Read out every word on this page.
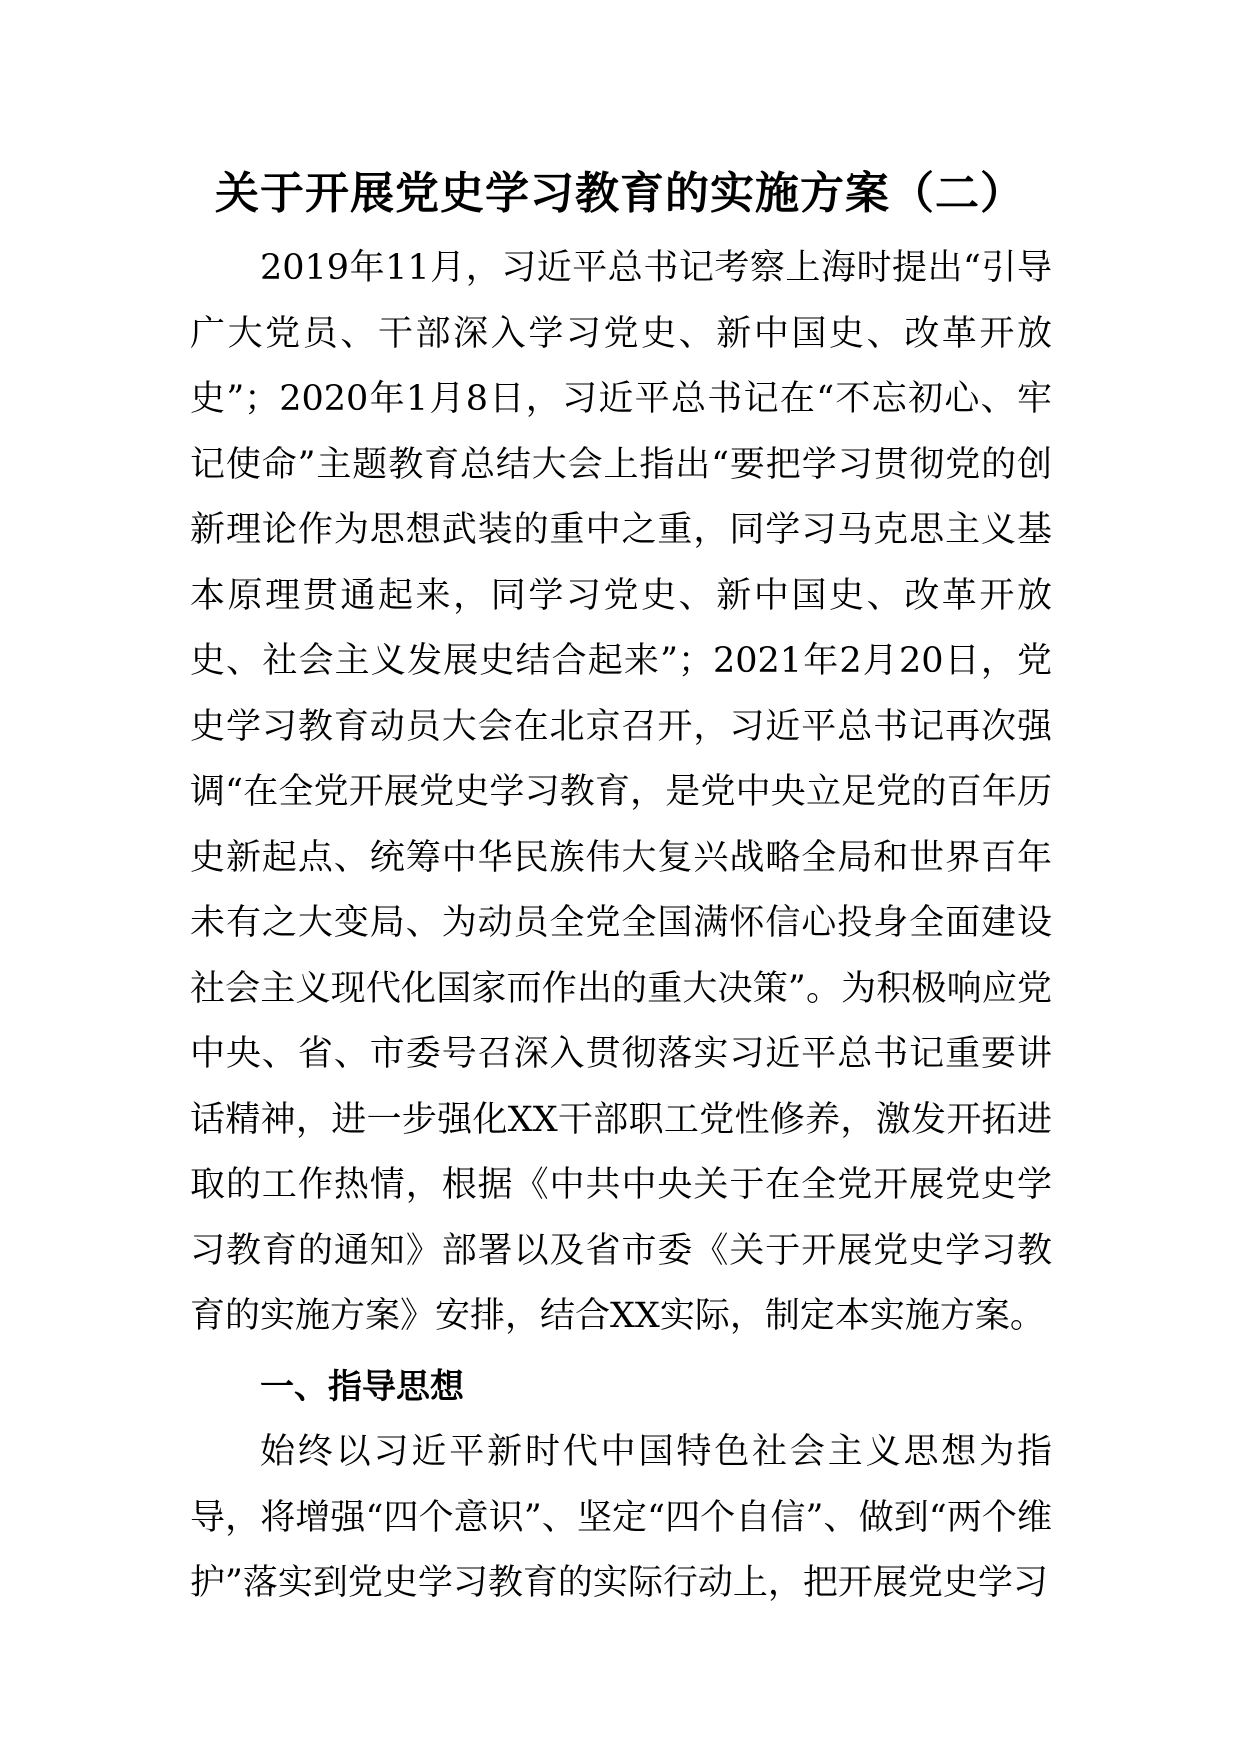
关于开展党史学习教育的实施方案（二）

2019年11月，习近平总书记考察上海时提出“引导广大党员、干部深入学习党史、新中国史、改革开放史”；2020年1月8日，习近平总书记在“不忘初心、牢记使命”主题教育总结大会上指出“要把学习贯彻党的创新理论作为思想武装的重中之重，同学习马克思主义基本原理贯通起来，同学习党史、新中国史、改革开放史、社会主义发展史结合起来”；2021年2月20日，党史学习教育动员大会在北京召开，习近平总书记再次强调“在全党开展党史学习教育，是党中央立足党的百年历史新起点、统筹中华民族伟大复兴战略全局和世界百年未有之大变局、为动员全党全国满怀信心投身全面建设社会主义现代化国家而作出的重大决策”。为积极响应党中央、省、市委号召深入贯彻落实习近平总书记重要讲话精神，进一步强化XX干部职工党性修养，激发开拓进取的工作热情，根据《中共中央关于在全党开展党史学习教育的通知》部署以及省市委《关于开展党史学习教育的实施方案》安排，结合XX实际，制定本实施方案。

一、指导思想

始终以习近平新时代中国特色社会主义思想为指导，将增强“四个意识”、坚定“四个自信”、做到“两个维护”落实到党史学习教育的实际行动上，把开展党史学习
